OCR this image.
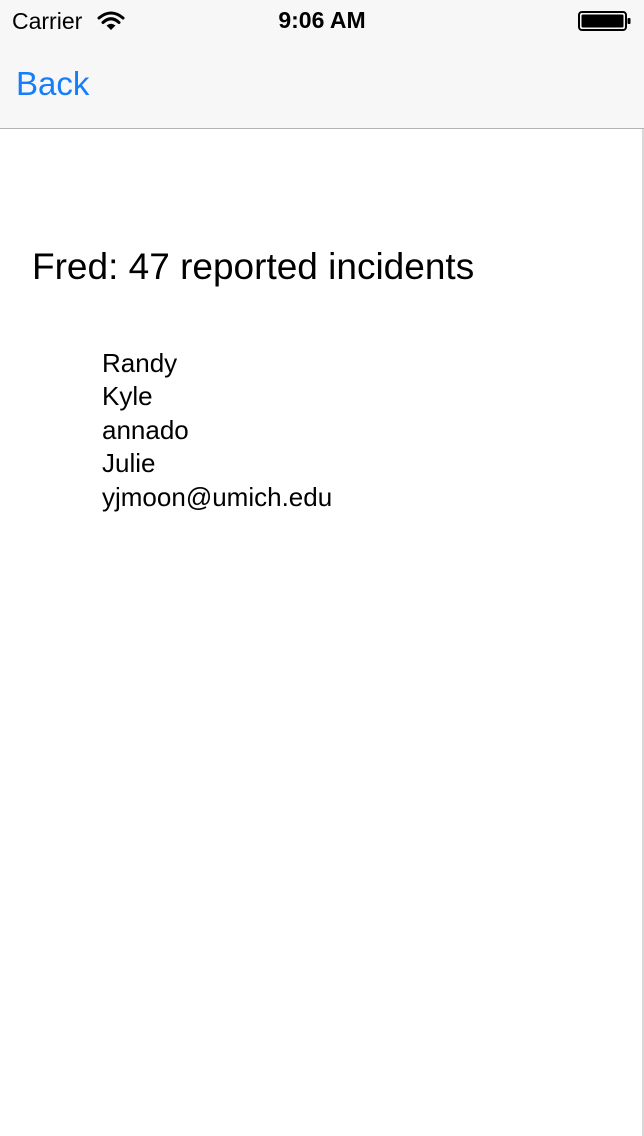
Carrier	9:06 AM
Back
Fred: 47 reported incidents
Randy
Kyle
annado
Julie
yjmoon@umich.edu
